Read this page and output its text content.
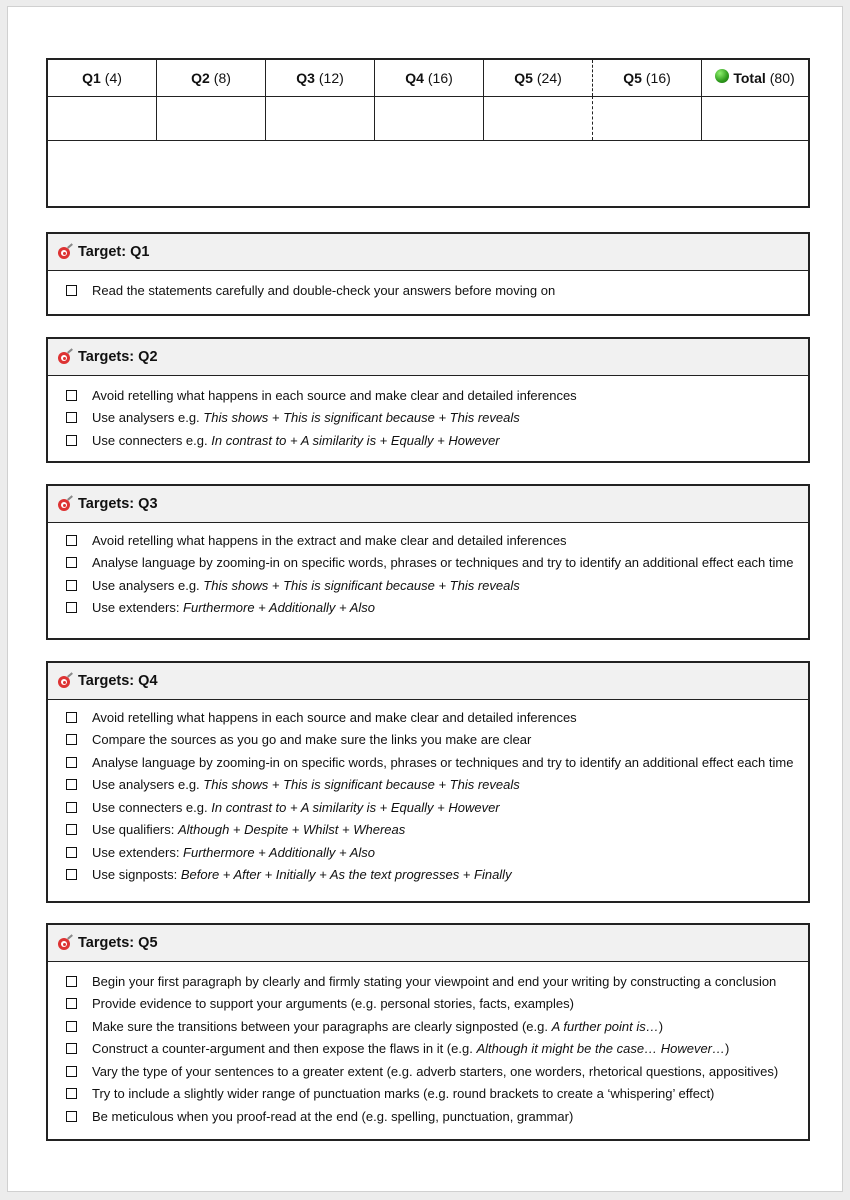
Q1 (4)	Q2 (8)	Q3 (12)	Q4 (16)	Q5 (24)	Q5 (16)	Total (80)
Target: Q1
Read the statements carefully and double-check your answers before moving on
Targets: Q2
Avoid retelling what happens in each source and make clear and detailed inferences
Use analysers e.g. This shows + This is significant because + This reveals
Use connecters e.g. In contrast to + A similarity is + Equally + However
Targets: Q3
Avoid retelling what happens in the extract and make clear and detailed inferences
Analyse language by zooming-in on specific words, phrases or techniques and try to identify an additional effect each time
Use analysers e.g. This shows + This is significant because + This reveals
Use extenders: Furthermore + Additionally + Also
Targets: Q4
Avoid retelling what happens in each source and make clear and detailed inferences
Compare the sources as you go and make sure the links you make are clear
Analyse language by zooming-in on specific words, phrases or techniques and try to identify an additional effect each time
Use analysers e.g. This shows + This is significant because + This reveals
Use connecters e.g. In contrast to + A similarity is + Equally + However
Use qualifiers: Although + Despite + Whilst + Whereas
Use extenders: Furthermore + Additionally + Also
Use signposts: Before + After + Initially + As the text progresses + Finally
Targets: Q5
Begin your first paragraph by clearly and firmly stating your viewpoint and end your writing by constructing a conclusion
Provide evidence to support your arguments (e.g. personal stories, facts, examples)
Make sure the transitions between your paragraphs are clearly signposted (e.g. A further point is… )
Construct a counter-argument and then expose the flaws in it (e.g. Although it might be the case… However… )
Vary the type of your sentences to a greater extent (e.g. adverb starters, one worders, rhetorical questions, appositives)
Try to include a slightly wider range of punctuation marks (e.g. round brackets to create a ‘whispering’ effect)
Be meticulous when you proof-read at the end (e.g. spelling, punctuation, grammar)
